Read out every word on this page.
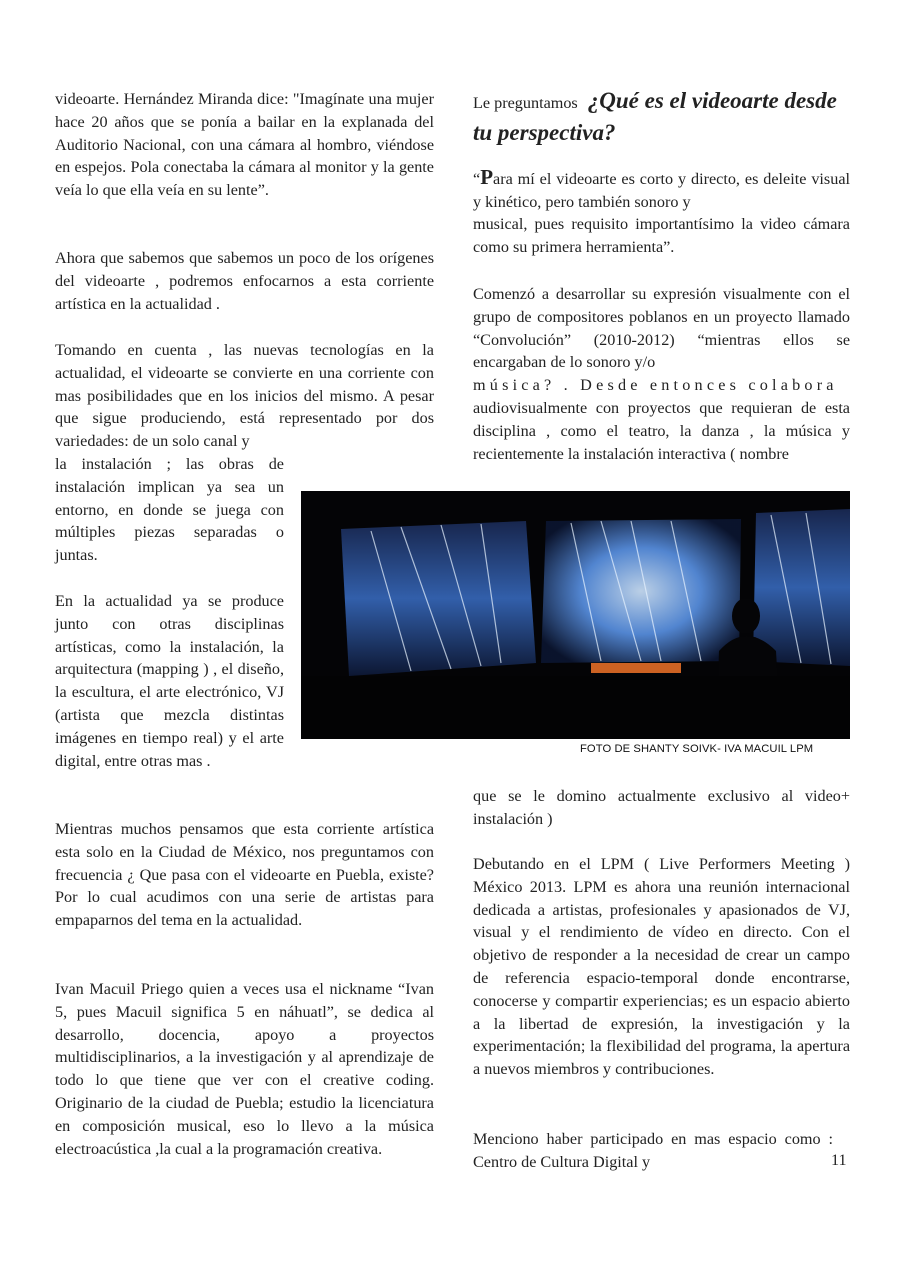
videoarte. Hernández Miranda dice: "Imagínate una mujer hace 20 años que se ponía a bailar en la explanada del Auditorio Nacional, con una cámara al hombro, viéndose en espejos. Pola conectaba la cámara al monitor y la gente veía lo que ella veía en su lente”.

Ahora que sabemos que sabemos un poco de los orígenes del videoarte , podremos enfocarnos a esta corriente artística en la actualidad .

Tomando en cuenta , las nuevas tecnologías en la actualidad, el videoarte se convierte en una corriente con mas posibilidades que en los inicios del mismo. A pesar que sigue produciendo, está representado por dos variedades: de un solo canal y

la instalación ; las obras de instalación implican ya sea un entorno, en donde se juega con múltiples piezas separadas o juntas.

En la actualidad ya se produce junto con otras disciplinas artísticas, como la instalación, la arquitectura (mapping ) , el diseño, la escultura, el arte electrónico, VJ (artista que mezcla distintas imágenes en tiempo real) y el arte digital, entre otras mas .

Mientras muchos pensamos que esta corriente artística esta solo en la Ciudad de México, nos preguntamos con frecuencia ¿ Que pasa con el videoarte en Puebla, existe? Por lo cual acudimos con una serie de artistas para empaparnos del tema en la actualidad.

Ivan Macuil Priego quien a veces usa el nickname “Ivan 5, pues Macuil significa 5 en náhuatl”, se dedica al desarrollo, docencia, apoyo a proyectos multidisciplinarios, a la investigación y al aprendizaje de todo lo que tiene que ver con el creative coding. Originario de la ciudad de Puebla; estudio la licenciatura en composición musical, eso lo llevo a la música electroacústica ,la cual a la programación creativa.

Le preguntamos ¿Qué es el videoarte desde tu perspectiva?

“Para mí el videoarte es corto y directo, es deleite visual y kinético, pero también sonoro y

musical, pues requisito importantísimo la video cámara como su primera herramienta”.

Comenzó a desarrollar su expresión visualmente con el grupo de compositores poblanos en un proyecto llamado “Convolución” (2010-2012) “mientras ellos se encargaban de lo sonoro y/o

música? . Desde entonces colabora

audiovisualmente con proyectos que requieran de esta disciplina , como el teatro, la danza , la música y recientemente la instalación interactiva ( nombre

FOTO DE SHANTY SOIVK- IVA MACUIL LPM

que se le domino actualmente exclusivo al video+ instalación )

Debutando en el LPM ( Live Performers Meeting ) México 2013. LPM es ahora una reunión internacional dedicada a artistas, profesionales y apasionados de VJ, visual y el rendimiento de vídeo en directo. Con el objetivo de responder a la necesidad de crear un campo de referencia espacio-temporal donde encontrarse, conocerse y compartir experiencias; es un espacio abierto a la libertad de expresión, la investigación y la experimentación; la flexibilidad del programa, la apertura a nuevos miembros y contribuciones.

Menciono haber participado en mas espacio como : Centro de Cultura Digital y	11
